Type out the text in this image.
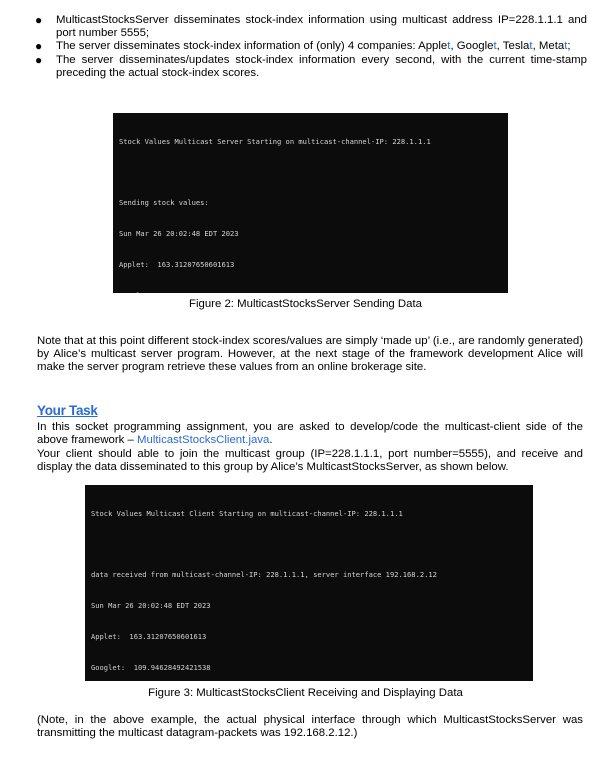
● MulticastStocksServer disseminates stock-index information using multicast address IP=228.1.1.1 and port number 5555;
● The server disseminates stock-index information of (only) 4 companies: Applet, Googlet, Teslat, Metat;
● The server disseminates/updates stock-index information every second, with the current time-stamp preceding the actual stock-index scores.

Stock Values Multicast Server Starting on multicast-channel-IP: 228.1.1.1

Sending stock values:

Sun Mar 26 20:02:48 EDT 2023

Applet:  163.31207650601613

Figure 2: MulticastStocksServer Sending Data
Note that at this point different stock-index scores/values are simply ‘made up’ (i.e., are randomly generated) by Alice’s multicast server program. However, at the next stage of the framework development Alice will make the server program retrieve these values from an online brokerage site.
Your Task
In this socket programming assignment, you are asked to develop/code the multicast-client side of the above framework – MulticastStocksClient.java.
Your client should able to join the multicast group (IP=228.1.1.1, port number=5555), and receive and display the data disseminated to this group by Alice’s MulticastStocksServer, as shown below.

Stock Values Multicast Client Starting on multicast-channel-IP: 228.1.1.1

data received from multicast-channel-IP: 228.1.1.1, server interface 192.168.2.12

Sun Mar 26 20:02:48 EDT 2023

Applet:  163.31207650601613

Googlet:  109.94628492421538

Figure 3: MulticastStocksClient Receiving and Displaying Data
(Note, in the above example, the actual physical interface through which MulticastStocksServer was transmitting the multicast datagram-packets was 192.168.2.12.)
